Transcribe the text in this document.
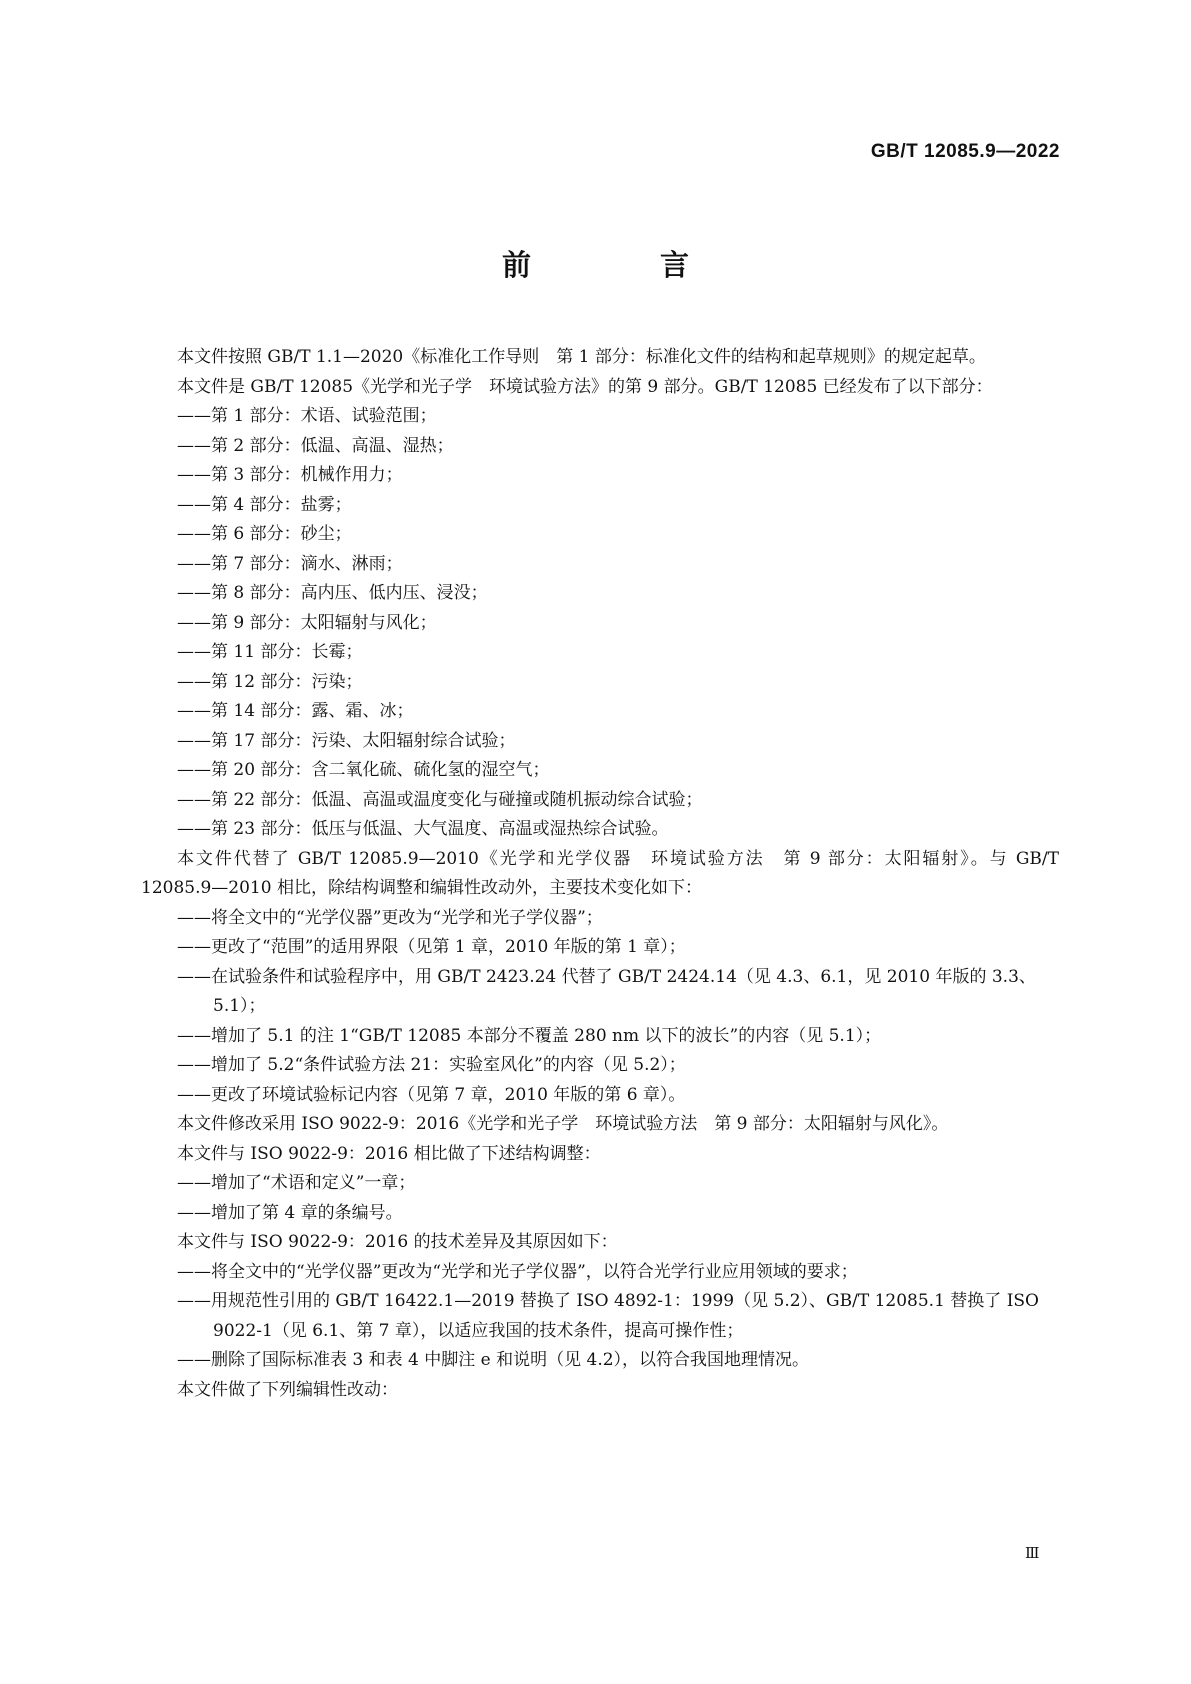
GB/T 12085.9—2022
前　言
本文件按照 GB/T 1.1—2020《标准化工作导则　第 1 部分：标准化文件的结构和起草规则》的规定起草。
本文件是 GB/T 12085《光学和光子学　环境试验方法》的第 9 部分。GB/T 12085 已经发布了以下部分：
——第 1 部分：术语、试验范围；
——第 2 部分：低温、高温、湿热；
——第 3 部分：机械作用力；
——第 4 部分：盐雾；
——第 6 部分：砂尘；
——第 7 部分：滴水、淋雨；
——第 8 部分：高内压、低内压、浸没；
——第 9 部分：太阳辐射与风化；
——第 11 部分：长霉；
——第 12 部分：污染；
——第 14 部分：露、霜、冰；
——第 17 部分：污染、太阳辐射综合试验；
——第 20 部分：含二氧化硫、硫化氢的湿空气；
——第 22 部分：低温、高温或温度变化与碰撞或随机振动综合试验；
——第 23 部分：低压与低温、大气温度、高温或湿热综合试验。
本文件代替了 GB/T 12085.9—2010《光学和光学仪器　环境试验方法　第 9 部分：太阳辐射》。与 GB/T 12085.9—2010 相比，除结构调整和编辑性改动外，主要技术变化如下：
——将全文中的“光学仪器”更改为“光学和光子学仪器”；
——更改了“范围”的适用界限（见第 1 章，2010 年版的第 1 章）；
——在试验条件和试验程序中，用 GB/T 2423.24 代替了 GB/T 2424.14（见 4.3、6.1，见 2010 年版的 3.3、5.1）；
——增加了 5.1 的注 1“GB/T 12085 本部分不覆盖 280 nm 以下的波长”的内容（见 5.1）；
——增加了 5.2“条件试验方法 21：实验室风化”的内容（见 5.2）；
——更改了环境试验标记内容（见第 7 章，2010 年版的第 6 章）。
本文件修改采用 ISO 9022-9：2016《光学和光子学　环境试验方法　第 9 部分：太阳辐射与风化》。
本文件与 ISO 9022-9：2016 相比做了下述结构调整：
——增加了“术语和定义”一章；
——增加了第 4 章的条编号。
本文件与 ISO 9022-9：2016 的技术差异及其原因如下：
——将全文中的“光学仪器”更改为“光学和光子学仪器”，以符合光学行业应用领域的要求；
——用规范性引用的 GB/T 16422.1—2019 替换了 ISO 4892-1：1999（见 5.2）、GB/T 12085.1 替换了 ISO 9022-1（见 6.1、第 7 章），以适应我国的技术条件，提高可操作性；
——删除了国际标准表 3 和表 4 中脚注 e 和说明（见 4.2），以符合我国地理情况。
本文件做了下列编辑性改动：
Ⅲ
